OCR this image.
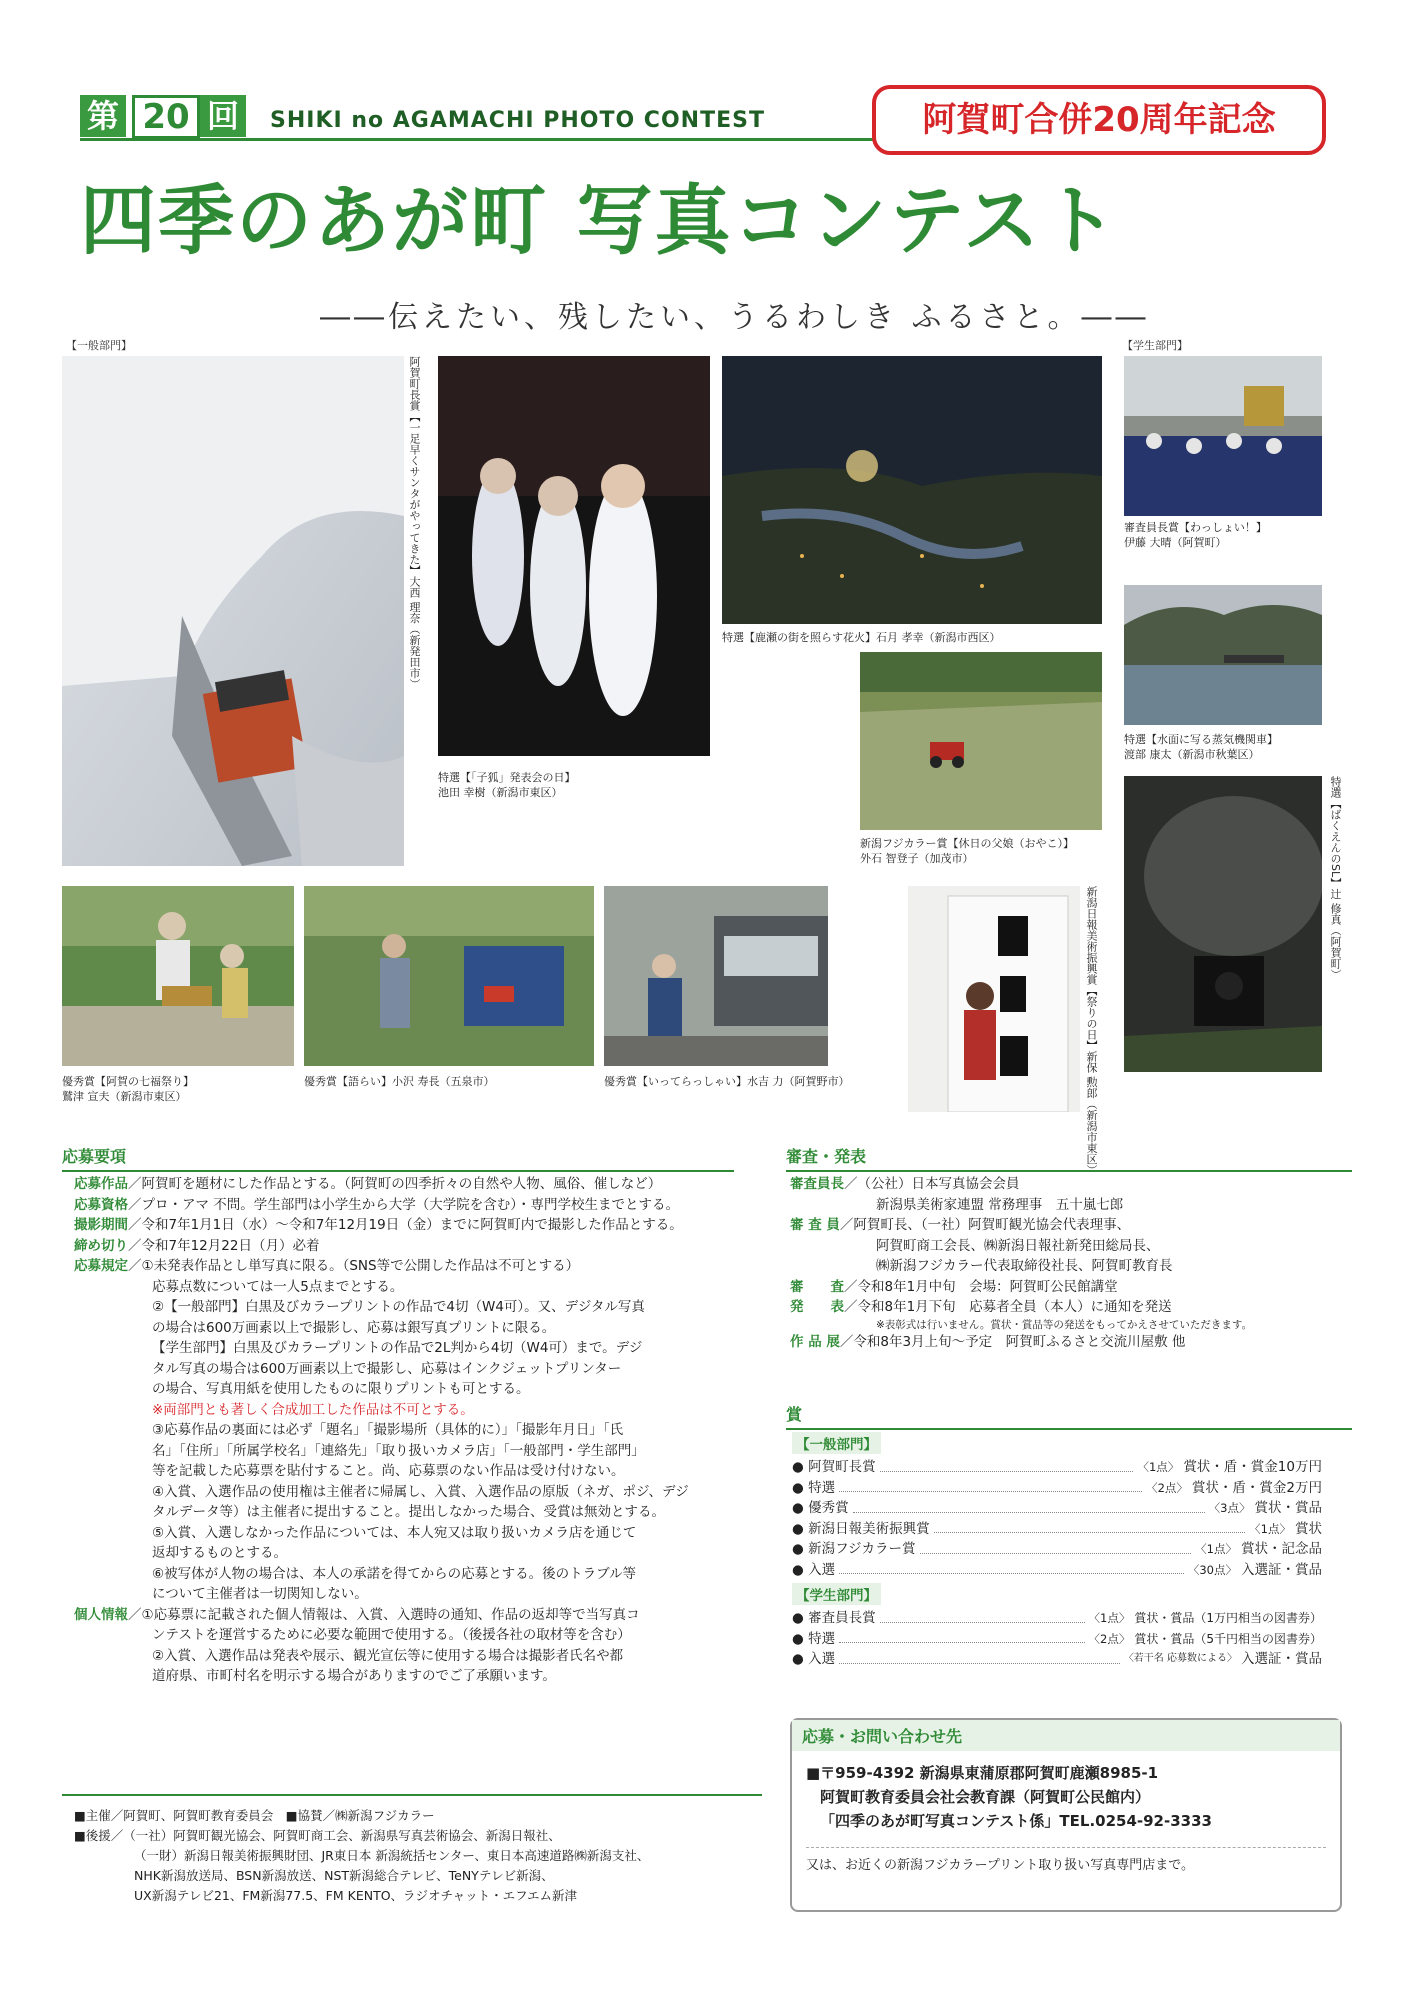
第 20 回	SHIKI no AGAMACHI PHOTO CONTEST	阿賀町合併20周年記念
四季のあが町 写真コンテスト
――伝えたい、残したい、うるわしき ふるさと。――
【一般部門】	【学生部門】
阿賀町長賞【一足早くサンタがやってきた】大西 理奈（新発田市）
特選【「子狐」発表会の日】
池田 幸樹（新潟市東区）
特選【鹿瀬の街を照らす花火】石月 孝幸（新潟市西区）
新潟フジカラー賞【休日の父娘（おやこ）】
外石 智登子（加茂市）
審査員長賞【わっしょい！】
伊藤 大晴（阿賀町）
特選【水面に写る蒸気機関車】
渡部 康太（新潟市秋葉区）
特選【ばくえんのSL】辻 修真（阿賀町）
優秀賞【阿賀の七福祭り】
鷲津 宣夫（新潟市東区）
優秀賞【語らい】小沢 寿長（五泉市）	優秀賞【いってらっしゃい】水吉 力（阿賀野市）	新潟日報美術振興賞【祭りの日】新保 勲郎（新潟市東区）
応募要項
応募作品／阿賀町を題材にした作品とする。（阿賀町の四季折々の自然や人物、風俗、催しなど）
応募資格／プロ・アマ 不問。学生部門は小学生から大学（大学院を含む）・専門学校生までとする。
撮影期間／令和7年1月1日（水）〜令和7年12月19日（金）までに阿賀町内で撮影した作品とする。
締め切り／令和7年12月22日（月）必着
応募規定／①未発表作品とし単写真に限る。（SNS等で公開した作品は不可とする）
応募点数については一人5点までとする。
②【一般部門】白黒及びカラープリントの作品で4切（W4可）。又、デジタル写真
の場合は600万画素以上で撮影し、応募は銀写真プリントに限る。
【学生部門】白黒及びカラープリントの作品で2L判から4切（W4可）まで。デジ
タル写真の場合は600万画素以上で撮影し、応募はインクジェットプリンター
の場合、写真用紙を使用したものに限りプリントも可とする。
※両部門とも著しく合成加工した作品は不可とする。
③応募作品の裏面には必ず「題名」「撮影場所（具体的に）」「撮影年月日」「氏
名」「住所」「所属学校名」「連絡先」「取り扱いカメラ店」「一般部門・学生部門」
等を記載した応募票を貼付すること。尚、応募票のない作品は受け付けない。
④入賞、入選作品の使用権は主催者に帰属し、入賞、入選作品の原版（ネガ、ポジ、デジ
タルデータ等）は主催者に提出すること。提出しなかった場合、受賞は無効とする。
⑤入賞、入選しなかった作品については、本人宛又は取り扱いカメラ店を通じて
返却するものとする。
⑥被写体が人物の場合は、本人の承諾を得てからの応募とする。後のトラブル等
について主催者は一切関知しない。
個人情報／①応募票に記載された個人情報は、入賞、入選時の通知、作品の返却等で当写真コ
ンテストを運営するために必要な範囲で使用する。（後援各社の取材等を含む）
②入賞、入選作品は発表や展示、観光宣伝等に使用する場合は撮影者氏名や都
道府県、市町村名を明示する場合がありますのでご了承願います。
審査・発表
審査員長／（公社）日本写真協会会員
新潟県美術家連盟 常務理事　五十嵐七郎
審 査 員／阿賀町長、（一社）阿賀町観光協会代表理事、
阿賀町商工会長、㈱新潟日報社新発田総局長、
㈱新潟フジカラー代表取締役社長、阿賀町教育長
審　　査／令和8年1月中旬　会場：阿賀町公民館講堂
発　　表／令和8年1月下旬　応募者全員（本人）に通知を発送
※表彰式は行いません。賞状・賞品等の発送をもってかえさせていただきます。
作 品 展／令和8年3月上旬〜予定　阿賀町ふるさと交流川屋敷 他
賞
【一般部門】
● 阿賀町長賞	〈1点〉 賞状・盾・賞金10万円
● 特選	〈2点〉 賞状・盾・賞金2万円
● 優秀賞	〈3点〉 賞状・賞品
● 新潟日報美術振興賞	〈1点〉 賞状
● 新潟フジカラー賞	〈1点〉 賞状・記念品
● 入選	〈30点〉 入選証・賞品
【学生部門】
● 審査員長賞	〈1点〉 賞状・賞品（1万円相当の図書券）
● 特選	〈2点〉 賞状・賞品（5千円相当の図書券）
● 入選	〈若干名 応募数による〉 入選証・賞品
応募・お問い合わせ先
■〒959-4392 新潟県東蒲原郡阿賀町鹿瀬8985-1
阿賀町教育委員会社会教育課（阿賀町公民館内）
「四季のあが町写真コンテスト係」TEL.0254-92-3333
又は、お近くの新潟フジカラープリント取り扱い写真専門店まで。
■主催／阿賀町、阿賀町教育委員会　■協賛／㈱新潟フジカラー
■後援／（一社）阿賀町観光協会、阿賀町商工会、新潟県写真芸術協会、新潟日報社、
（一財）新潟日報美術振興財団、JR東日本 新潟統括センター、東日本高速道路㈱新潟支社、
NHK新潟放送局、BSN新潟放送、NST新潟総合テレビ、TeNYテレビ新潟、
UX新潟テレビ21、FM新潟77.5、FM KENTO、ラジオチャット・エフエム新津
